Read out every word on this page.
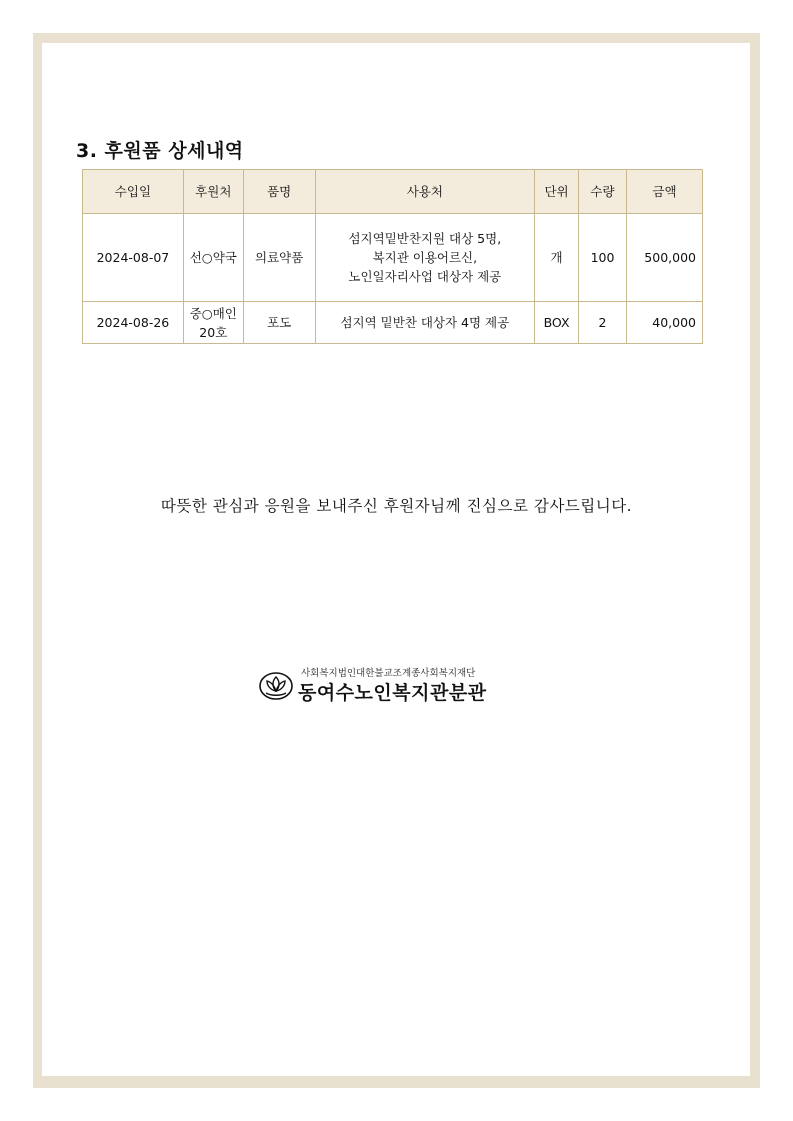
3. 후원품 상세내역
수입일	후원처	품명	사용처	단위	수량	금액
2024-08-07	선○약국	의료약품	섬지역밑반찬지원 대상 5명,
복지관 이용어르신,
노인일자리사업 대상자 제공	개	100	500,000
2024-08-26	중○매인20호	포도	섬지역 밑반찬 대상자 4명 제공	BOX	2	40,000
따뜻한 관심과 응원을 보내주신 후원자님께 진심으로 감사드립니다.
사회복지법인대한불교조계종사회복지재단
동여수노인복지관분관
